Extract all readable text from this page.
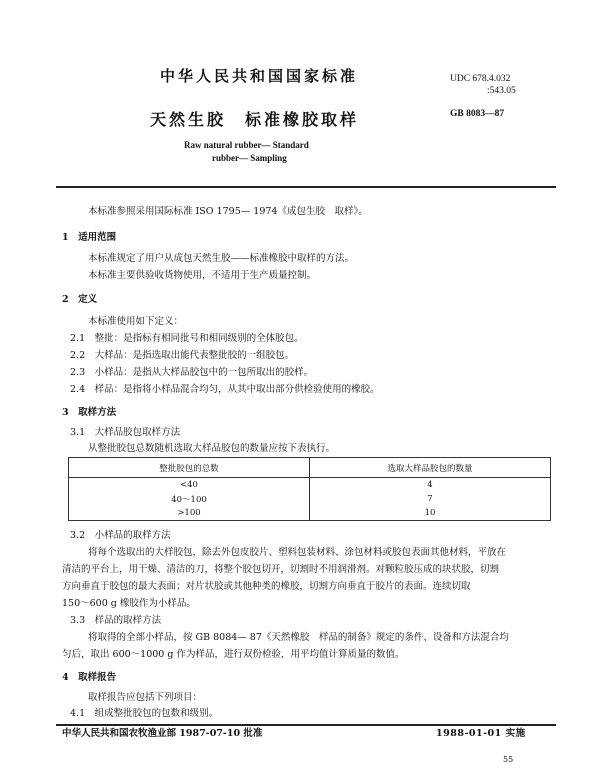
中华人民共和国国家标准
天然生胶　标准橡胶取样
Raw natural rubber— Standard
rubber— Sampling
UDC 678.4.032
:543.05
GB 8083—87
本标准参照采用国际标准 ISO 1795— 1974《成包生胶　取样》。
1　适用范围
本标准规定了用户从成包天然生胶——标准橡胶中取样的方法。
本标准主要供验收货物使用，不适用于生产质量控制。
2　定义
本标准使用如下定义：
2.1　整批：是指标有相同批号和相同级别的全体胶包。
2.2　大样品：是指选取出能代表整批胶的一组胶包。
2.3　小样品：是指从大样品胶包中的一包所取出的胶样。
2.4　样品：是指将小样品混合均匀，从其中取出部分供检验使用的橡胶。
3　取样方法
3.1　大样品胶包取样方法
从整批胶包总数随机选取大样品胶包的数量应按下表执行。
整批胶包的总数	选取大样品胶包的数量
<40	4
40～100	7
>100	10
3.2　小样品的取样方法
将每个选取出的大样胶包，除去外包皮胶片、塑料包装材料、涂包材料或胶包表面其他材料，平放在
清洁的平台上，用干燥、清洁的刀，将整个胶包切开，切割时不用润滑剂。对颗粒胶压成的块状胶，切割
方向垂直于胶包的最大表面；对片状胶或其他种类的橡胶，切割方向垂直于胶片的表面。连续切取
150～600 g 橡胶作为小样品。
3.3　样品的取样方法
将取得的全部小样品，按 GB 8084— 87《天然橡胶　样品的制备》规定的条件、设备和方法混合均
匀后，取出 600～1000 g 作为样品，进行双份检验，用平均值计算质量的数值。
4　取样报告
取样报告应包括下列项目：
4.1　组成整批胶包的包数和级别。
中华人民共和国农牧渔业部 1987-07-10 批准	1988-01-01 实施
55
